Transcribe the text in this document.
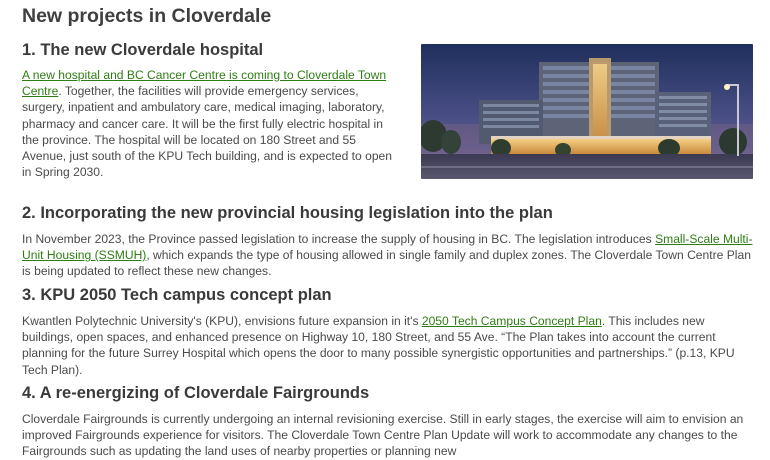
New projects in Cloverdale
1. The new Cloverdale hospital

A new hospital and BC Cancer Centre is coming to Cloverdale Town Centre. Together, the facilities will provide emergency services, surgery, inpatient and ambulatory care, medical imaging, laboratory, pharmacy and cancer care. It will be the first fully electric hospital in the province. The hospital will be located on 180 Street and 55 Avenue, just south of the KPU Tech building, and is expected to open in Spring 2030.

2. Incorporating the new provincial housing legislation into the plan

In November 2023, the Province passed legislation to increase the supply of housing in BC. The legislation introduces Small-Scale Multi-Unit Housing (SSMUH), which expands the type of housing allowed in single family and duplex zones. The Cloverdale Town Centre Plan is being updated to reflect these new changes.

3. KPU 2050 Tech campus concept plan

Kwantlen Polytechnic University's (KPU), envisions future expansion in it's 2050 Tech Campus Concept Plan. This includes new buildings, open spaces, and enhanced presence on Highway 10, 180 Street, and 55 Ave. “The Plan takes into account the current planning for the future Surrey Hospital which opens the door to many possible synergistic opportunities and partnerships.” (p.13, KPU Tech Plan).

4. A re-energizing of Cloverdale Fairgrounds

Cloverdale Fairgrounds is currently undergoing an internal revisioning exercise. Still in early stages, the exercise will aim to envision an improved Fairgrounds experience for visitors. The Cloverdale Town Centre Plan Update will work to accommodate any changes to the Fairgrounds such as updating the land uses of nearby properties or planning new
